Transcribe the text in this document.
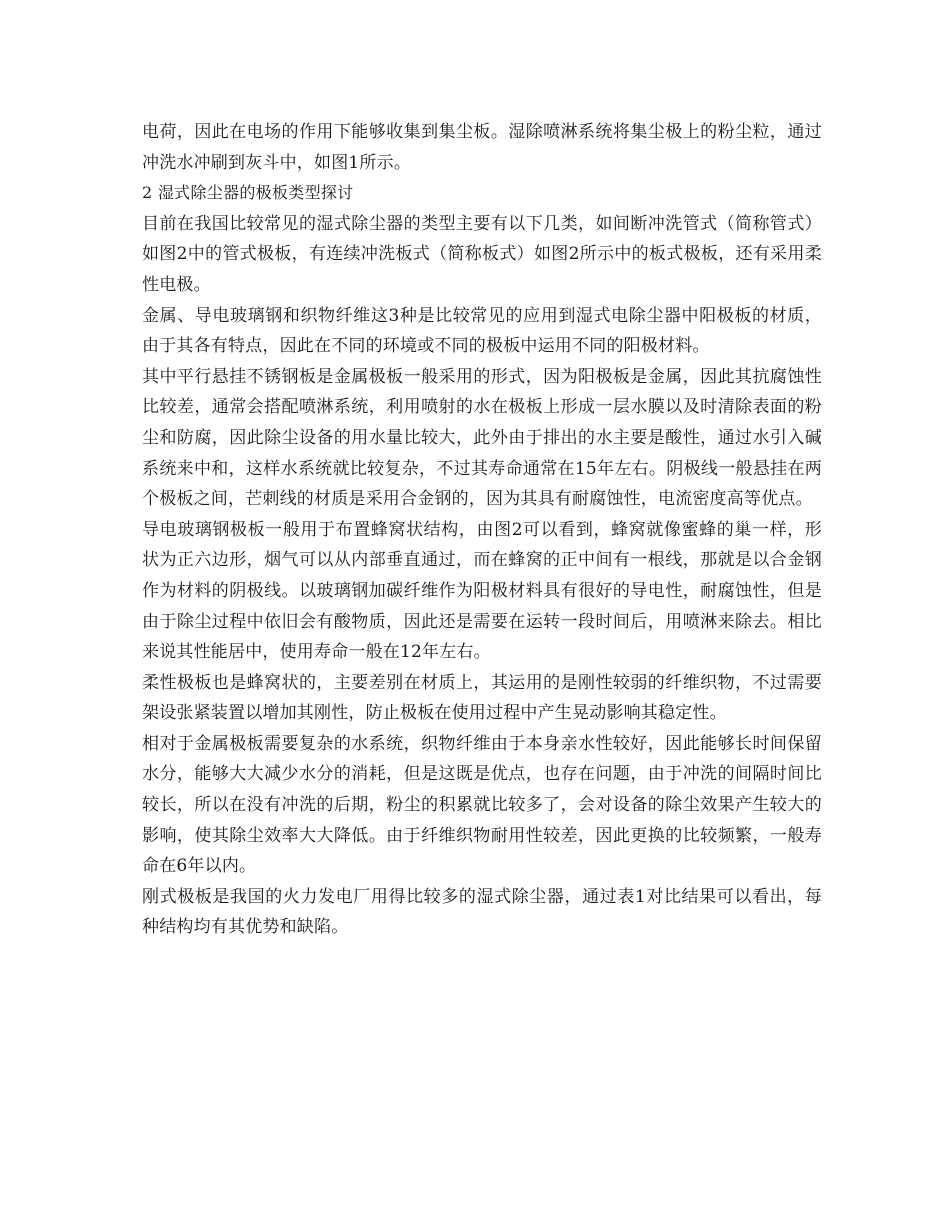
电荷，因此在电场的作用下能够收集到集尘板。湿除喷淋系统将集尘极上的粉尘粒，通过冲洗水冲刷到灰斗中，如图1所示。

2 湿式除尘器的极板类型探讨

目前在我国比较常见的湿式除尘器的类型主要有以下几类，如间断冲洗管式（简称管式）如图2中的管式极板，有连续冲洗板式（简称板式）如图2所示中的板式极板，还有采用柔性电极。

金属、导电玻璃钢和织物纤维这3种是比较常见的应用到湿式电除尘器中阳极板的材质，由于其各有特点，因此在不同的环境或不同的极板中运用不同的阳极材料。

其中平行悬挂不锈钢板是金属极板一般采用的形式，因为阳极板是金属，因此其抗腐蚀性比较差，通常会搭配喷淋系统，利用喷射的水在极板上形成一层水膜以及时清除表面的粉尘和防腐，因此除尘设备的用水量比较大，此外由于排出的水主要是酸性，通过水引入碱系统来中和，这样水系统就比较复杂，不过其寿命通常在15年左右。阴极线一般悬挂在两个极板之间，芒刺线的材质是采用合金钢的，因为其具有耐腐蚀性，电流密度高等优点。

导电玻璃钢极板一般用于布置蜂窝状结构，由图2可以看到，蜂窝就像蜜蜂的巢一样，形状为正六边形，烟气可以从内部垂直通过，而在蜂窝的正中间有一根线，那就是以合金钢作为材料的阴极线。以玻璃钢加碳纤维作为阳极材料具有很好的导电性，耐腐蚀性，但是由于除尘过程中依旧会有酸物质，因此还是需要在运转一段时间后，用喷淋来除去。相比来说其性能居中，使用寿命一般在12年左右。

柔性极板也是蜂窝状的，主要差别在材质上，其运用的是刚性较弱的纤维织物，不过需要架设张紧装置以增加其刚性，防止极板在使用过程中产生晃动影响其稳定性。

相对于金属极板需要复杂的水系统，织物纤维由于本身亲水性较好，因此能够长时间保留水分，能够大大减少水分的消耗，但是这既是优点，也存在问题，由于冲洗的间隔时间比较长，所以在没有冲洗的后期，粉尘的积累就比较多了，会对设备的除尘效果产生较大的影响，使其除尘效率大大降低。由于纤维织物耐用性较差，因此更换的比较频繁，一般寿命在6年以内。

刚式极板是我国的火力发电厂用得比较多的湿式除尘器，通过表1对比结果可以看出，每种结构均有其优势和缺陷。
